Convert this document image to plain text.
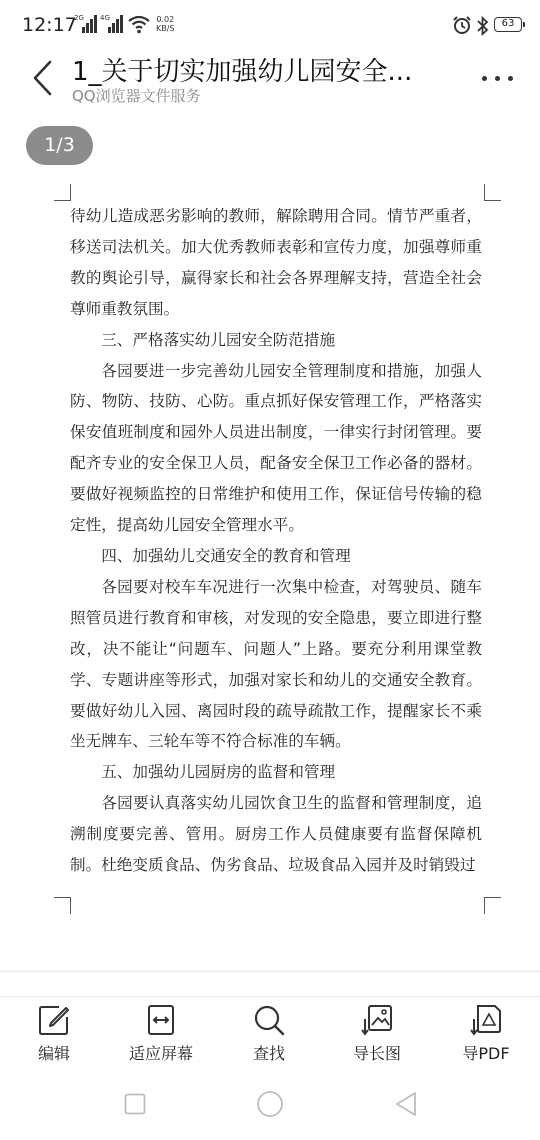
12:17
2G 4G	0.02
KB/S	63
1_关于切实加强幼儿园安全...
QQ浏览器文件服务
1/3

待幼儿造成恶劣影响的教师，解除聘用合同。情节严重者，移送司法机关。加大优秀教师表彰和宣传力度，加强尊师重教的舆论引导，赢得家长和社会各界理解支持，营造全社会尊师重教氛围。

三、严格落实幼儿园安全防范措施

各园要进一步完善幼儿园安全管理制度和措施，加强人防、物防、技防、心防。重点抓好保安管理工作，严格落实保安值班制度和园外人员进出制度，一律实行封闭管理。要配齐专业的安全保卫人员，配备安全保卫工作必备的器材。要做好视频监控的日常维护和使用工作，保证信号传输的稳定性，提高幼儿园安全管理水平。

四、加强幼儿交通安全的教育和管理

各园要对校车车况进行一次集中检查，对驾驶员、随车照管员进行教育和审核，对发现的安全隐患，要立即进行整改，决不能让“问题车、问题人”上路。要充分利用课堂教学、专题讲座等形式，加强对家长和幼儿的交通安全教育。要做好幼儿入园、离园时段的疏导疏散工作，提醒家长不乘坐无牌车、三轮车等不符合标准的车辆。

五、加强幼儿园厨房的监督和管理

各园要认真落实幼儿园饮食卫生的监督和管理制度，追溯制度要完善、管用。厨房工作人员健康要有监督保障机制。杜绝变质食品、伪劣食品、垃圾食品入园并及时销毁过

编辑	适应屏幕	查找	导长图	导PDF
